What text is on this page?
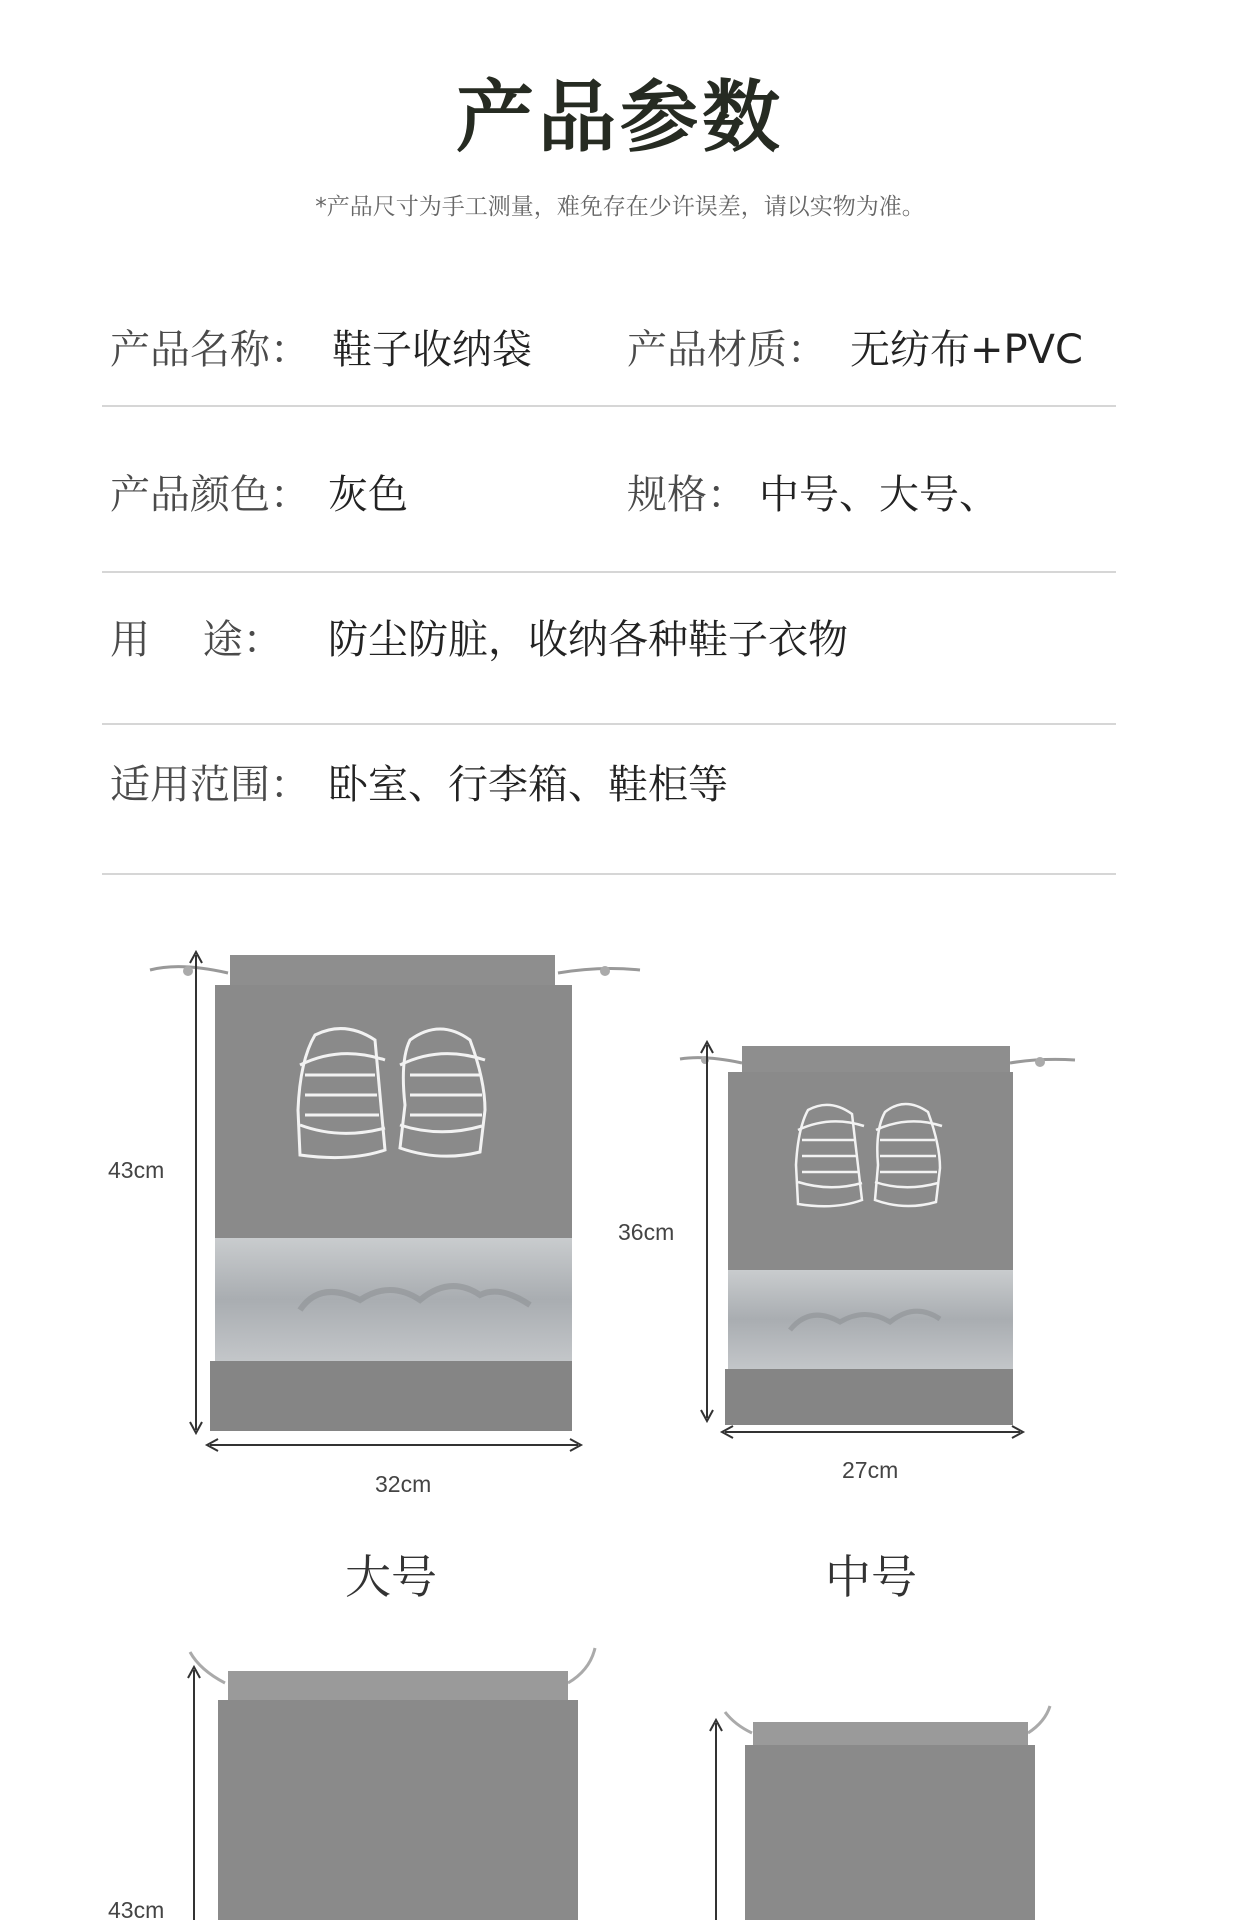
产品参数
*产品尺寸为手工测量，难免存在少许误差，请以实物为准。
产品名称： 鞋子收纳袋 产品材质： 无纺布+PVC
产品颜色： 灰色	规格： 中号、大号、
用　 途： 防尘防脏，收纳各种鞋子衣物
适用范围： 卧室、行李箱、鞋柜等
43cm
32cm
36cm
27cm
大号	中号
43cm
